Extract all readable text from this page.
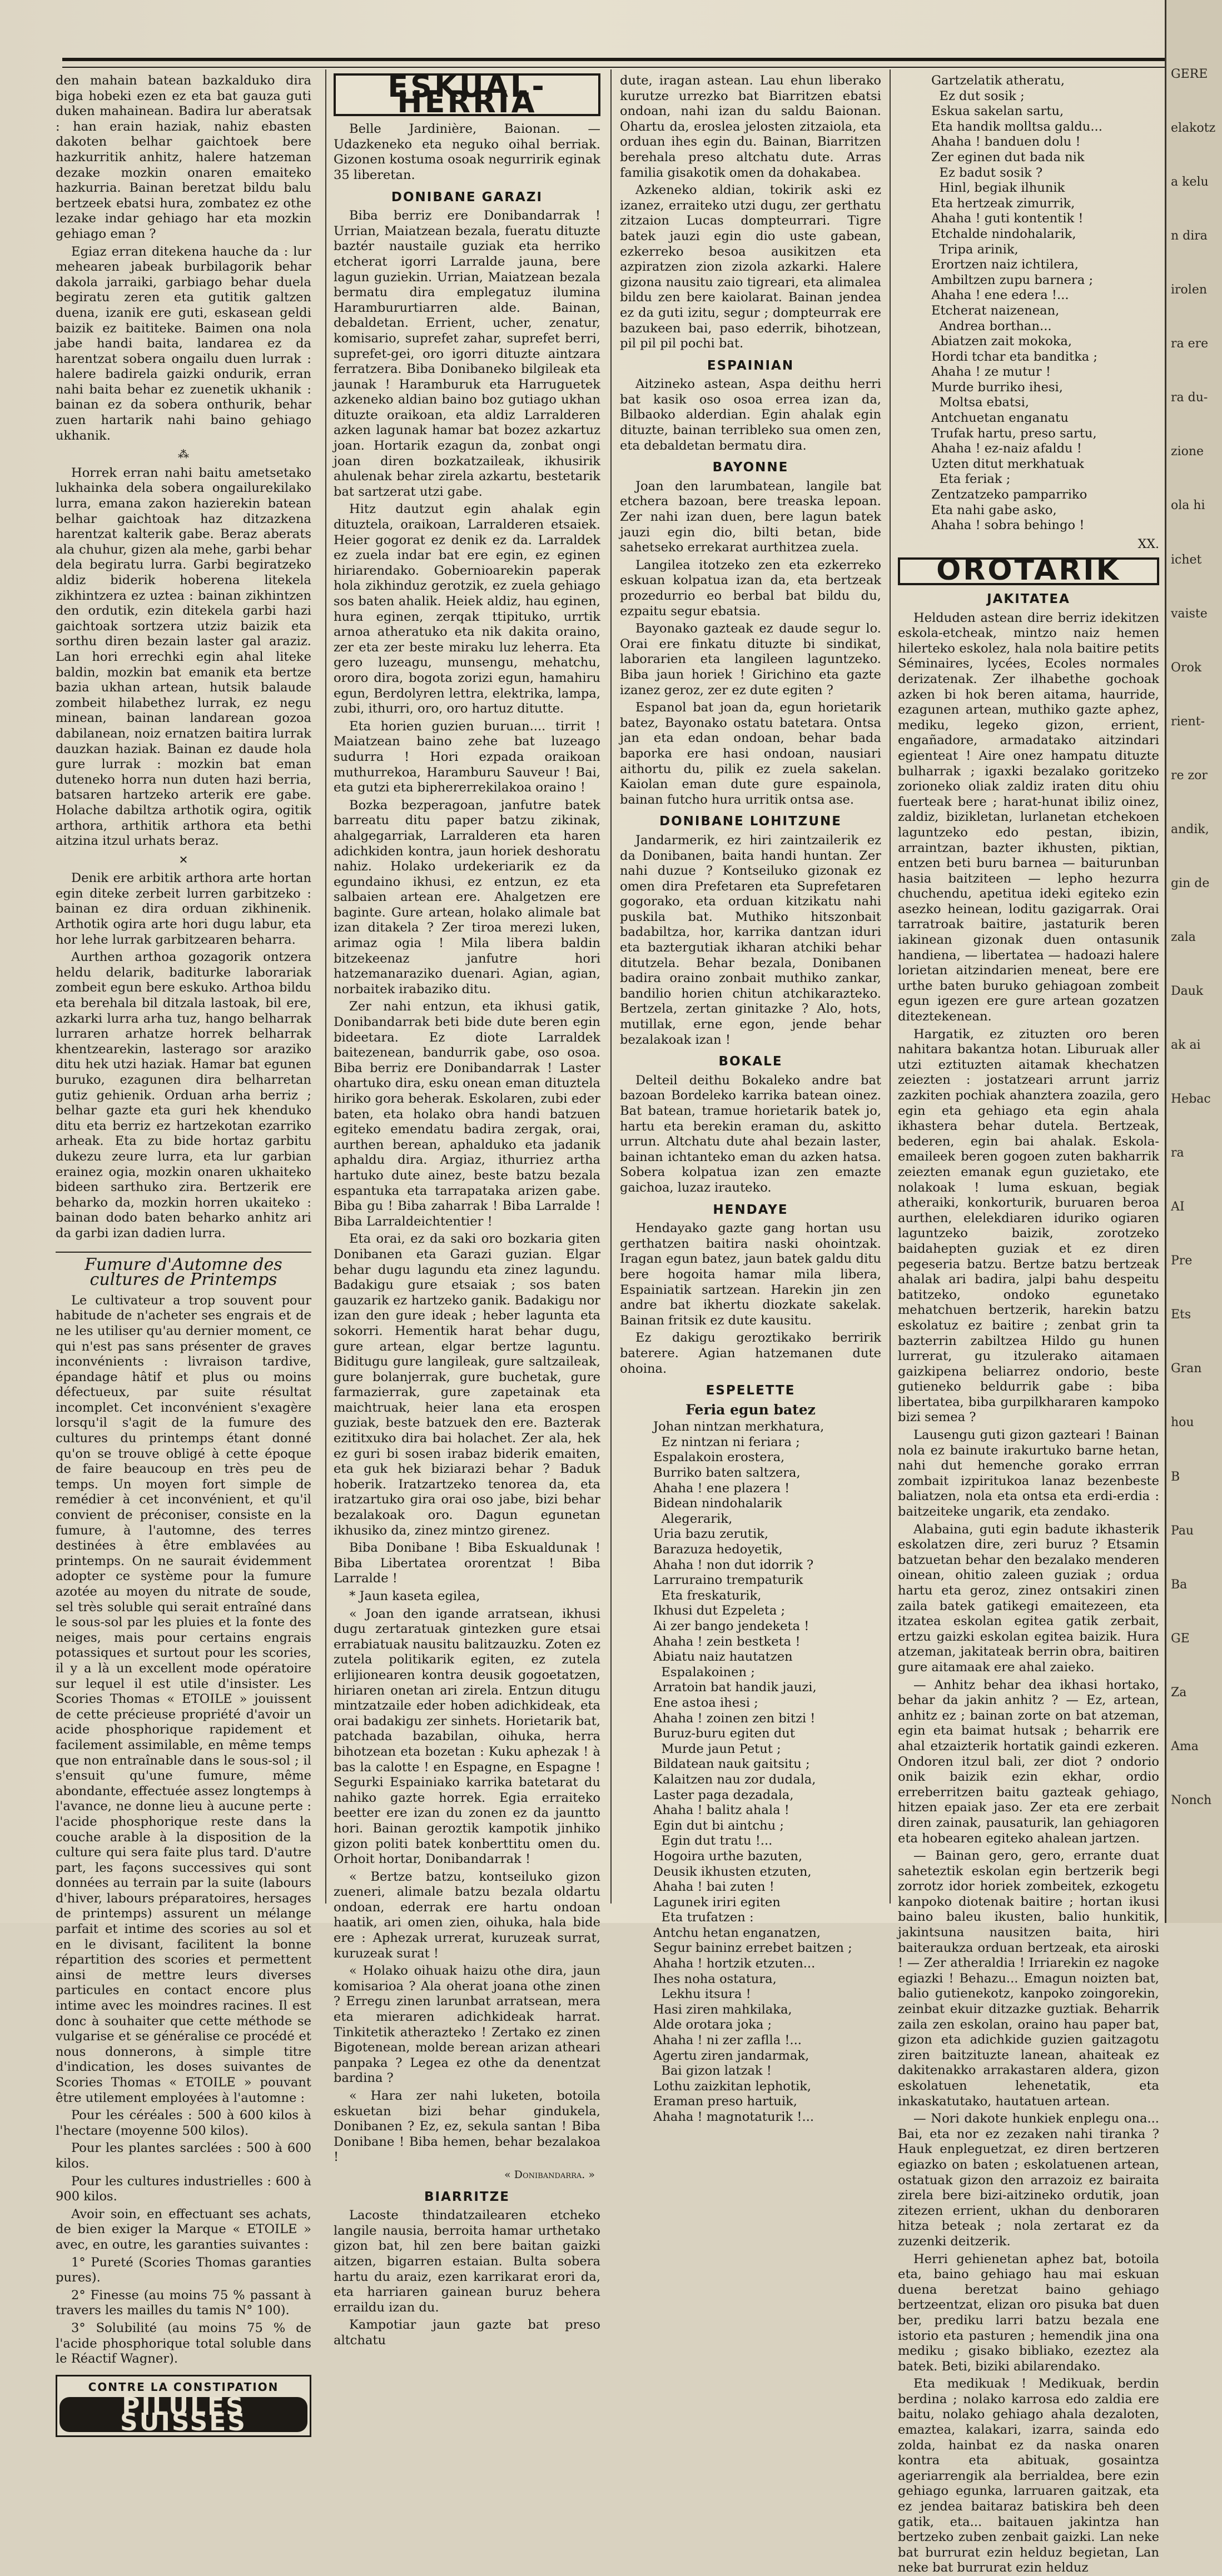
den mahain batean bazkalduko dira biga hobeki ezen ez eta bat gauza guti duken mahainean. Badira lur aberatsak : han erain haziak, nahiz ebasten dakoten belhar gaichtoek bere hazkurritik anhitz, halere hatzeman dezake mozkin onaren emaiteko hazkurria. Bainan beretzat bildu balu bertzeek ebatsi hura, zombatez ez othe lezake indar gehiago har eta mozkin gehiago eman ?

Egiaz erran ditekena hauche da : lur mehearen jabeak burbilagorik behar dakola jarraiki, garbiago behar duela begiratu zeren eta gutitik galtzen duena, izanik ere guti, eskasean geldi baizik ez baititeke. Baimen ona nola jabe handi baita, landarea ez da harentzat sobera ongailu duen lurrak : halere badirela gaizki ondurik, erran nahi baita behar ez zuenetik ukhanik : bainan ez da sobera onthurik, behar zuen hartarik nahi baino gehiago ukhanik.

⁂

Horrek erran nahi baitu ametsetako lukhainka dela sobera ongailurekilako lurra, emana zakon hazierekin batean belhar gaichtoak haz ditzazkena harentzat kalterik gabe. Beraz aberats ala chuhur, gizen ala mehe, garbi behar dela begiratu lurra. Garbi begiratzeko aldiz biderik hoberena litekela zikhintzera ez uztea : bainan zikhintzen den ordutik, ezin ditekela garbi hazi gaichtoak sortzera utziz baizik eta sorthu diren bezain laster gal araziz. Lan hori errechki egin ahal liteke baldin, mozkin bat emanik eta bertze bazia ukhan artean, hutsik balaude zombeit hilabethez lurrak, ez negu minean, bainan landarean gozoa dabilanean, noiz ernatzen baitira lurrak dauzkan haziak. Bainan ez daude hola gure lurrak : mozkin bat eman duteneko horra nun duten hazi berria, batsaren hartzeko arterik ere gabe. Holache dabiltza arthotik ogira, ogitik arthora, arthitik arthora eta bethi aitzina itzul urhats beraz.

✕

Denik ere arbitik arthora arte hortan egin diteke zerbeit lurren garbitzeko : bainan ez dira orduan zikhinenik. Arthotik ogira arte hori dugu labur, eta hor lehe lurrak garbitzearen beharra.

Aurthen arthoa gozagorik ontzera heldu delarik, baditurke laborariak zombeit egun bere eskuko. Arthoa bildu eta berehala bil ditzala lastoak, bil ere, azkarki lurra arha tuz, hango belharrak lurraren arhatze horrek belharrak khentzearekin, lasterago sor araziko ditu hek utzi haziak. Hamar bat egunen buruko, ezagunen dira belharretan gutiz gehienik. Orduan arha berriz ; belhar gazte eta guri hek khenduko ditu eta berriz ez hartzekotan ezarriko arheak. Eta zu bide hortaz garbitu dukezu zeure lurra, eta lur garbian erainez ogia, mozkin onaren ukhaiteko bideen sarthuko zira. Bertzerik ere beharko da, mozkin horren ukaiteko : bainan dodo baten beharko anhitz ari da garbi izan dadien lurra.

Fumure d'Automne des cultures de Printemps

Le cultivateur a trop souvent pour habitude de n'acheter ses engrais et de ne les utiliser qu'au dernier moment, ce qui n'est pas sans présenter de graves inconvénients : livraison tardive, épandage hâtif et plus ou moins défectueux, par suite résultat incomplet. Cet inconvénient s'exagère lorsqu'il s'agit de la fumure des cultures du printemps étant donné qu'on se trouve obligé à cette époque de faire beaucoup en très peu de temps. Un moyen fort simple de remédier à cet inconvénient, et qu'il convient de préconiser, consiste en la fumure, à l'automne, des terres destinées à être emblavées au printemps. On ne saurait évidemment adopter ce système pour la fumure azotée au moyen du nitrate de soude, sel très soluble qui serait entraîné dans le sous-sol par les pluies et la fonte des neiges, mais pour certains engrais potassiques et surtout pour les scories, il y a là un excellent mode opératoire sur lequel il est utile d'insister. Les Scories Thomas « ETOILE » jouissent de cette précieuse propriété d'avoir un acide phosphorique rapidement et facilement assimilable, en même temps que non entraînable dans le sous-sol ; il s'ensuit qu'une fumure, même abondante, effectuée assez longtemps à l'avance, ne donne lieu à aucune perte : l'acide phosphorique reste dans la couche arable à la disposition de la culture qui sera faite plus tard. D'autre part, les façons successives qui sont données au terrain par la suite (labours d'hiver, labours préparatoires, hersages de printemps) assurent un mélange parfait et intime des scories au sol et en le divisant, facilitent la bonne répartition des scories et permettent ainsi de mettre leurs diverses particules en contact encore plus intime avec les moindres racines. Il est donc à souhaiter que cette méthode se vulgarise et se généralise ce procédé et nous donnerons, à simple titre d'indication, les doses suivantes de Scories Thomas « ETOILE » pouvant être utilement employées à l'automne :

Pour les céréales : 500 à 600 kilos à l'hectare (moyenne 500 kilos).

Pour les plantes sarclées : 500 à 600 kilos.

Pour les cultures industrielles : 600 à 900 kilos.

Avoir soin, en effectuant ses achats, de bien exiger la Marque « ETOILE » avec, en outre, les garanties suivantes :

1° Pureté (Scories Thomas garanties pures).

2° Finesse (au moins 75 % passant à travers les mailles du tamis N° 100).

3° Solubilité (au moins 75 % de l'acide phosphorique total soluble dans le Réactif Wagner).

CONTRE LA CONSTIPATION
PILULES SUISSES
ESKUAL-HERRIA

Belle Jardinière, Baionan. — Udazkeneko eta neguko oihal berriak. Gizonen kostuma osoak negurririk eginak 35 liberetan.

DONIBANE GARAZI

Biba berriz ere Donibandarrak ! Urrian, Maiatzean bezala, fueratu dituzte baztér naustaile guziak eta herriko etcherat igorri Larralde jauna, bere lagun guziekin. Urrian, Maiatzean bezala bermatu dira emplegatuz ilumina Harambururtiarren alde. Bainan, debaldetan. Errient, ucher, zenatur, komisario, suprefet zahar, suprefet berri, suprefet-gei, oro igorri dituzte aintzara ferratzera. Biba Donibaneko bilgileak eta jaunak ! Haramburuk eta Harruguetek azkeneko aldian baino boz gutiago ukhan dituzte oraikoan, eta aldiz Larralderen azken lagunak hamar bat bozez azkartuz joan. Hortarik ezagun da, zonbat ongi joan diren bozkatzaileak, ikhusirik ahulenak behar zirela azkartu, bestetarik bat sartzerat utzi gabe.

Hitz dautzut egin ahalak egin dituztela, oraikoan, Larralderen etsaiek. Heier gogorat ez denik ez da. Larraldek ez zuela indar bat ere egin, ez eginen hiriarendako. Gobernioarekin paperak hola zikhinduz gerotzik, ez zuela gehiago sos baten ahalik. Heiek aldiz, hau eginen, hura eginen, zerqak ttipituko, urrtik arnoa atheratuko eta nik dakita oraino, zer eta zer beste miraku luz leherra. Eta gero luzeagu, munsengu, mehatchu, ororo dira, bogota zorizi egun, hamahiru egun, Berdolyren lettra, elektrika, lampa, zubi, ithurri, oro, oro hartuz ditutte.

Eta horien guzien buruan.... tirrit ! Maiatzean baino zehe bat luzeago sudurra ! Hori ezpada oraikoan muthurrekoa, Haramburu Sauveur ! Bai, eta gutzi eta biphererrekilakoa oraino !

Bozka bezperagoan, janfutre batek barreatu ditu paper batzu zikinak, ahalgegarriak, Larralderen eta haren adichkiden kontra, jaun horiek deshoratu nahiz. Holako urdekeriarik ez da egundaino ikhusi, ez entzun, ez eta salbaien artean ere. Ahalgetzen ere baginte. Gure artean, holako alimale bat izan ditakela ? Zer tiroa merezi luken, arimaz ogia ! Mila libera baldin bitzekeenaz janfutre hori hatzemanaraziko duenari. Agian, agian, norbaitek irabaziko ditu.

Zer nahi entzun, eta ikhusi gatik, Donibandarrak beti bide dute beren egin bideetara. Ez diote Larraldek baitezenean, bandurrik gabe, oso osoa. Biba berriz ere Donibandarrak ! Laster ohartuko dira, esku onean eman dituztela hiriko gora beherak. Eskolaren, zubi eder baten, eta holako obra handi batzuen egiteko emendatu badira zergak, orai, aurthen berean, aphalduko eta jadanik aphaldu dira. Argiaz, ithurriez artha hartuko dute ainez, beste batzu bezala espantuka eta tarrapataka arizen gabe. Biba gu ! Biba zaharrak ! Biba Larralde ! Biba Larraldeichtentier !

Eta orai, ez da saki oro bozkaria giten Donibanen eta Garazi guzian. Elgar behar dugu lagundu eta zinez lagundu. Badakigu gure etsaiak ; sos baten gauzarik ez hartzeko ganik. Badakigu nor izan den gure ideak ; heber lagunta eta sokorri. Hementik harat behar dugu, gure artean, elgar bertze laguntu. Biditugu gure langileak, gure saltzaileak, gure bolanjerrak, gure buchetak, gure farmazierrak, gure zapetainak eta maichtruak, heier lana eta erospen guziak, beste batzuek den ere. Bazterak ezititxuko dira bai holachet. Zer ala, hek ez guri bi sosen irabaz biderik emaiten, eta guk hek biziarazi behar ? Baduk hoberik. Iratzartzeko tenorea da, eta iratzartuko gira orai oso jabe, bizi behar bezalakoak oro. Dagun egunetan ikhusiko da, zinez mintzo girenez.

Biba Donibane ! Biba Eskualdunak ! Biba Libertatea ororentzat ! Biba Larralde !

* Jaun kaseta egilea,

« Joan den igande arratsean, ikhusi dugu zertaratuak gintezken gure etsai errabiatuak nausitu balitzauzku. Zoten ez zutela politikarik egiten, ez zutela erlijionearen kontra deusik gogoetatzen, hiriaren onetan ari zirela. Entzun ditugu mintzatzaile eder hoben adichkideak, eta orai badakigu zer sinhets. Horietarik bat, patchada bazabilan, oihuka, herra bihotzean eta bozetan : Kuku aphezak ! à bas la calotte ! en Espagne, en Espagne ! Segurki Espainiako karrika batetarat du nahiko gazte horrek. Egia erraiteko beetter ere izan du zonen ez da jauntto hori. Bainan geroztik kampotik jinhiko gizon politi batek konberttitu omen du. Orhoit hortar, Donibandarrak !

« Bertze batzu, kontseiluko gizon zueneri, alimale batzu bezala oldartu ondoan, ederrak ere hartu ondoan haatik, ari omen zien, oihuka, hala bide ere : Aphezak urrerat, kuruzeak surrat, kuruzeak surat !

« Holako oihuak haizu othe dira, jaun komisarioa ? Ala oherat joana othe zinen ? Erregu zinen larunbat arratsean, mera eta mieraren adichkideak harrat. Tinkitetik atherazteko ! Zertako ez zinen Bigotenean, molde berean arizan atheari panpaka ? Legea ez othe da denentzat bardina ?

« Hara zer nahi luketen, botoila eskuetan bizi behar gindukela, Donibanen ? Ez, ez, sekula santan ! Biba Donibane ! Biba hemen, behar bezalakoa !

« Donibandarra. »
BIARRITZE

Lacoste thindatzailearen etcheko langile nausia, berroita hamar urthetako gizon bat, hil zen bere baitan gaizki aitzen, bigarren estaian. Bulta sobera hartu du araiz, ezen karrikarat erori da, eta harriaren gainean buruz behera erraildu izan du.

Kampotiar jaun gazte bat preso altchatu

dute, iragan astean. Lau ehun liberako kurutze urrezko bat Biarritzen ebatsi ondoan, nahi izan du saldu Baionan. Ohartu da, eroslea jelosten zitzaiola, eta orduan ihes egin du. Bainan, Biarritzen berehala preso altchatu dute. Arras familia gisakotik omen da dohakabea.

Azkeneko aldian, tokirik aski ez izanez, erraiteko utzi dugu, zer gerthatu zitzaion Lucas dompteurrari. Tigre batek jauzi egin dio uste gabean, ezkerreko besoa ausikitzen eta azpiratzen zion zizola azkarki. Halere gizona nausitu zaio tigreari, eta alimalea bildu zen bere kaiolarat. Bainan jendea ez da guti izitu, segur ; dompteurrak ere bazukeen bai, paso ederrik, bihotzean, pil pil pil pochi bat.

ESPAINIAN

Aitzineko astean, Aspa deithu herri bat kasik oso osoa errea izan da, Bilbaoko alderdian. Egin ahalak egin dituzte, bainan terribleko sua omen zen, eta debaldetan bermatu dira.

BAYONNE

Joan den larumbatean, langile bat etchera bazoan, bere treaska lepoan. Zer nahi izan duen, bere lagun batek jauzi egin dio, bilti betan, bide sahetseko errekarat aurthitzea zuela.

Langilea itotzeko zen eta ezkerreko eskuan kolpatua izan da, eta bertzeak prozedurrio eo berbal bat bildu du, ezpaitu segur ebatsia.

Bayonako gazteak ez daude segur lo. Orai ere finkatu dituzte bi sindikat, laborarien eta langileen laguntzeko. Biba jaun horiek ! Girichino eta gazte izanez geroz, zer ez dute egiten ?

Espanol bat joan da, egun horietarik batez, Bayonako ostatu batetara. Ontsa jan eta edan ondoan, behar bada baporka ere hasi ondoan, nausiari aithortu du, pilik ez zuela sakelan. Kaiolan eman dute gure espainola, bainan futcho hura urritik ontsa ase.

DONIBANE LOHITZUNE

Jandarmerik, ez hiri zaintzailerik ez da Donibanen, baita handi huntan. Zer nahi duzue ? Kontseiluko gizonak ez omen dira Prefetaren eta Suprefetaren gogorako, eta orduan kitzikatu nahi puskila bat. Muthiko hitszonbait badabiltza, hor, karrika dantzan iduri eta baztergutiak ikharan atchiki behar ditutzela. Behar bezala, Donibanen badira oraino zonbait muthiko zankar, bandilio horien chitun atchikarazteko. Bertzela, zertan ginitazke ? Alo, hots, mutillak, erne egon, jende behar bezalakoak izan !

BOKALE

Delteil deithu Bokaleko andre bat bazoan Bordeleko karrika batean oinez. Bat batean, tramue horietarik batek jo, hartu eta berekin eraman du, askitto urrun. Altchatu dute ahal bezain laster, bainan ichtanteko eman du azken hatsa. Sobera kolpatua izan zen emazte gaichoa, luzaz irauteko.

HENDAYE

Hendayako gazte gang hortan usu gerthatzen baitira naski ohointzak. Iragan egun batez, jaun batek galdu ditu bere hogoita hamar mila libera, Espainiatik sartzean. Harekin jin zen andre bat ikhertu diozkate sakelak. Bainan fritsik ez dute kausitu.

Ez dakigu geroztikako berririk baterere. Agian hatzemanen dute ohoina.

ESPELETTE
Feria egun batez
Johan nintzan merkhatura,
Ez nintzan ni feriara ;
Espalakoin erostera,
Burriko baten saltzera,
Ahaha ! ene plazera !
Bidean nindohalarik
Alegerarik,
Uria bazu zerutik,
Barazuza hedoyetik,
Ahaha ! non dut idorrik ?
Larruraino trempaturik
Eta freskaturik,
Ikhusi dut Ezpeleta ;
Ai zer bango jendeketa !
Ahaha ! zein bestketa !
Abiatu naiz hautatzen
Espalakoinen ;
Arratoin bat handik jauzi,
Ene astoa ihesi ;
Ahaha ! zoinen zen bitzi !
Buruz-buru egiten dut
Murde jaun Petut ;
Bildatean nauk gaitsitu ;
Kalaitzen nau zor dudala,
Laster paga dezadala,
Ahaha ! balitz ahala !
Egin dut bi aintchu ;
Egin dut tratu !...
Hogoira urthe bazuten,
Deusik ikhusten etzuten,
Ahaha ! bai zuten !
Lagunek iriri egiten
Eta trufatzen :
Antchu hetan enganatzen,
Segur baininz errebet baitzen ;
Ahaha ! hortzik etzuten...
Ihes noha ostatura,
Lekhu itsura !
Hasi ziren mahkilaka,
Alde orotara joka ;
Ahaha ! ni zer zaflla !...
Agertu ziren jandarmak,
Bai gizon latzak !
Lothu zaizkitan lephotik,
Eraman preso hartuik,
Ahaha ! magnotaturik !...
Gartzelatik atheratu,
Ez dut sosik ;
Eskua sakelan sartu,
Eta handik molltsa galdu...
Ahaha ! banduen dolu !
Zer eginen dut bada nik
Ez badut sosik ?
Hinl, begiak ilhunik
Eta hertzeak zimurrik,
Ahaha ! guti kontentik !
Etchalde nindohalarik,
Tripa arinik,
Erortzen naiz ichtilera,
Ambiltzen zupu barnera ;
Ahaha ! ene edera !...
Etcherat naizenean,
Andrea borthan...
Abiatzen zait mokoka,
Hordi tchar eta banditka ;
Ahaha ! ze mutur !
Murde burriko ihesi,
Moltsa ebatsi,
Antchuetan enganatu
Trufak hartu, preso sartu,
Ahaha ! ez-naiz afaldu !
Uzten ditut merkhatuak
Eta feriak ;
Zentzatzeko pamparriko
Eta nahi gabe asko,
Ahaha ! sobra behingo !
XX.
OROTARIK
JAKITATEA

Helduden astean dire berriz idekitzen eskola-etcheak, mintzo naiz hemen hilerteko eskolez, hala nola baitire petits Séminaires, lycées, Ecoles normales derizatenak. Zer ilhabethe gochoak azken bi hok beren aitama, haurride, ezagunen artean, muthiko gazte aphez, mediku, legeko gizon, errient, engañadore, armadatako aitzindari egienteat ! Aire onez hampatu dituzte bulharrak ; igaxki bezalako goritzeko zorioneko oliak zaldiz iraten ditu ohiu fuerteak bere ; harat-hunat ibiliz oinez, zaldiz, bizikletan, lurlanetan etchekoen laguntzeko edo pestan, ibizin, arraintzan, bazter ikhusten, piktian, entzen beti buru barnea — baiturunban hasia baitziteen — lepho hezurra chuchendu, apetitua ideki egiteko ezin asezko heinean, loditu gazigarrak. Orai tarratroak baitire, jastaturik beren iakinean gizonak duen ontasunik handiena, — libertatea — hadoazi halere lorietan aitzindarien meneat, bere ere urthe baten buruko gehiagoan zombeit egun igezen ere gure artean gozatzen diteztekenean.

Hargatik, ez zituzten oro beren nahitara bakantza hotan. Liburuak aller utzi eztituzten aitamak khechatzen zeiezten : jostatzeari arrunt jarriz zazkiten pochiak ahanztera zoazila, gero egin eta gehiago eta egin ahala ikhastera behar dutela. Bertzeak, bederen, egin bai ahalak. Eskola-emaileek beren gogoen zuten bakharrik zeiezten emanak egun guzietako, ete nolakoak ! luma eskuan, begiak atheraiki, konkorturik, buruaren beroa aurthen, elelekdiaren iduriko ogiaren laguntzeko baizik, zorotzeko baidahepten guziak et ez diren pegeseria batzu. Bertze batzu bertzeak ahalak ari badira, jalpi bahu despeitu batitzeko, ondoko egunetako mehatchuen bertzerik, harekin batzu eskolatuz ez baitire ; zenbat grin ta bazterrin zabiltzea Hildo gu hunen lurrerat, gu itzulerako aitamaen gaizkipena beliarrez ondorio, beste gutieneko beldurrik gabe : biba libertatea, biba gurpilkhararen kampoko bizi semea ?

Lausengu guti gizon gazteari ! Bainan nola ez bainute irakurtuko barne hetan, nahi dut hemenche gorako errran zombait izpiritukoa lanaz bezenbeste baliatzen, nola eta ontsa eta erdi-erdia : baitzeiteke ungarik, eta zendako.

Alabaina, guti egin badute ikhasterik eskolatzen dire, zeri buruz ? Etsamin batzuetan behar den bezalako menderen oinean, ohitio zaleen guziak ; ordua hartu eta geroz, zinez ontsakiri zinen zaila batek gatikegi emaitezeen, eta itzatea eskolan egitea gatik zerbait, ertzu gaizki eskolan egitea baizik. Hura atzeman, jakitateak berrin obra, baitiren gure aitamaak ere ahal zaieko.

— Anhitz behar dea ikhasi hortako, behar da jakin anhitz ? — Ez, artean, anhitz ez ; bainan zorte on bat atzeman, egin eta baimat hutsak ; beharrik ere ahal etzaizterik hortatik gaindi ezkeren. Ondoren itzul bali, zer diot ? ondorio onik baizik ezin ekhar, ordio erreberritzen baitu gazteak gehiago, hitzen epaiak jaso. Zer eta ere zerbait diren zainak, pausaturik, lan gehiagoren eta hobearen egiteko ahalean jartzen.

— Bainan gero, gero, errante duat saheteztik eskolan egin bertzerik begi zorrotz idor horiek zombeitek, ezkogetu kanpoko diotenak baitire ; hortan ikusi baino baleu ikusten, balio hunkitik, jakintsuna nausitzen baita, hiri baiteraukza orduan bertzeak, eta airoski ! — Zer atheraldia ! Irriarekin ez nagoke egiazki ! Behazu... Emagun noizten bat, balio gutienekotz, kanpoko zoingorekin, zeinbat ekuir ditzazke guztiak. Beharrik zaila zen eskolan, oraino hau paper bat, gizon eta adichkide guzien gaitzagotu ziren baitzituzte lanean, ahaiteak ez dakitenakko arrakastaren aldera, gizon eskolatuen lehenetatik, eta inkaskatutako, hautatuen artean.

— Nori dakote hunkiek enplegu ona... Bai, eta nor ez zezaken nahi tiranka ? Hauk enpleguetzat, ez diren bertzeren egiazko on baten ; eskolatuenen artean, ostatuak gizon den arrazoiz ez bairaita zirela bere bizi-aitzineko ordutik, joan zitezen errient, ukhan du denboraren hitza beteak ; nola zertarat ez da zuzenki deitzerik.

Herri gehienetan aphez bat, botoila eta, baino gehiago hau mai eskuan duena beretzat baino gehiago bertzeentzat, elizan oro pisuka bat duen ber, prediku larri batzu bezala ene istorio eta pasturen ; hemendik jina ona mediku ; gisako bibliako, ezeztez ala batek. Beti, biziki abilarendako.

Eta medikuak ! Medikuak, berdin berdina ; nolako karrosa edo zaldia ere baitu, nolako gehiago ahala dezaloten, emaztea, kalakari, izarra, sainda edo zolda, hainbat ez da naska onaren kontra eta abituak, gosaintza ageriarrengik ala berrialdea, bere ezin gehiago egunka, larruaren gaitzak, eta ez jendea baitaraz batiskira beh deen gatik, eta... baitauen jakintza han bertzeko zuben zenbait gaizki. Lan neke bat burrurat ezin helduz begietan, Lan neke bat burrurat ezin helduz

GERE
elakotz
a kelu
n dira
irolen
ra ere
ra du-
zione
ola hi
ichet
vaiste
Orok
rient-
re zor
andik,
gin de
zala
Dauk
ak ai
Hebac
ra
AI
Pre
Ets
Gran
hou
B
Pau
Ba
GE
Za
Ama
Nonch
